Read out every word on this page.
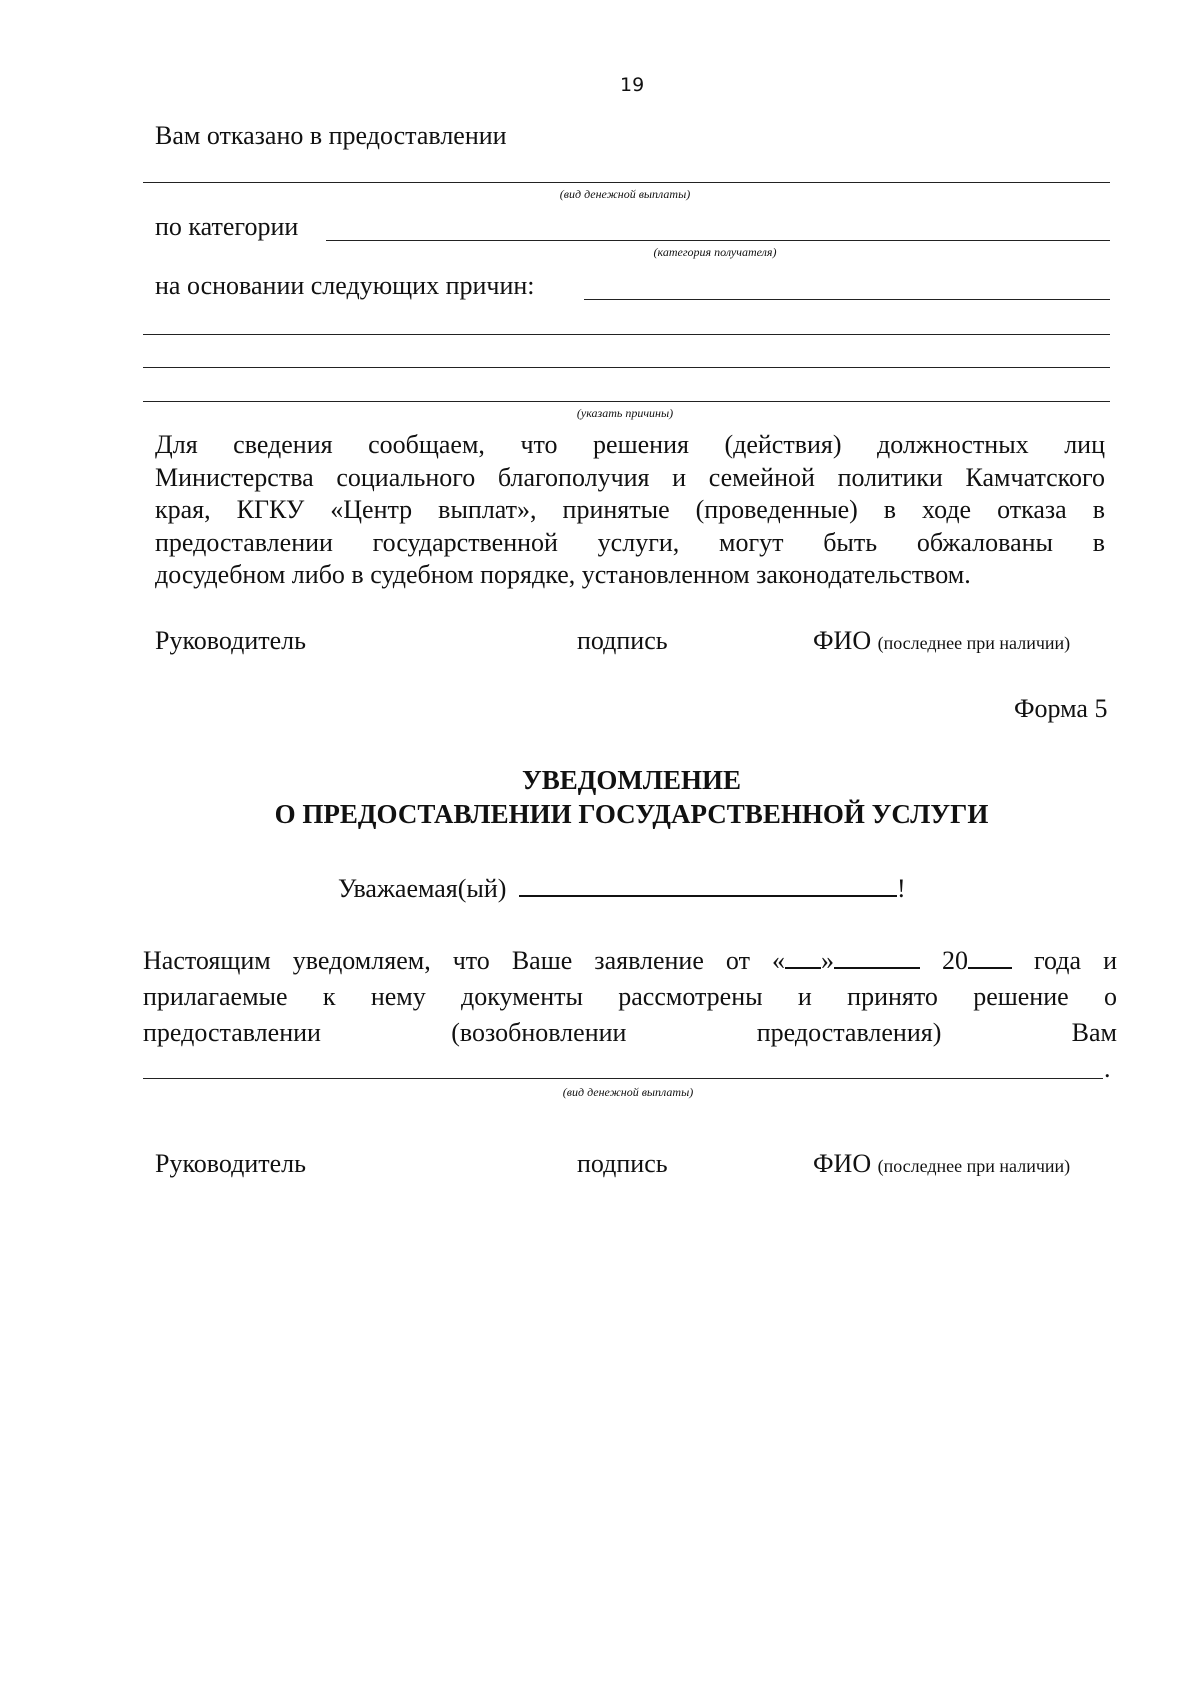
19
Вам отказано в предоставлении
(вид денежной выплаты)
по категории
(категория получателя)
на основании следующих причин:
(указать причины)
Для сведения сообщаем, что решения (действия) должностных лиц
Министерства социального благополучия и семейной политики Камчатского
края, КГКУ «Центр выплат», принятые (проведенные) в ходе отказа в
предоставлении государственной услуги, могут быть обжалованы в
досудебном либо в судебном порядке, установленном законодательством.
Руководитель	подпись	ФИО (последнее при наличии)
Форма 5
УВЕДОМЛЕНИЕ
О ПРЕДОСТАВЛЕНИИ ГОСУДАРСТВЕННОЙ УСЛУГИ
Уважаемая(ый)	!
Настоящим уведомляем, что Ваше заявление от « »	20 года и
прилагаемые к нему документы рассмотрены и принято решение о
предоставлении (возобновлении предоставления) Вам
.
(вид денежной выплаты)
Руководитель	подпись	ФИО (последнее при наличии)
